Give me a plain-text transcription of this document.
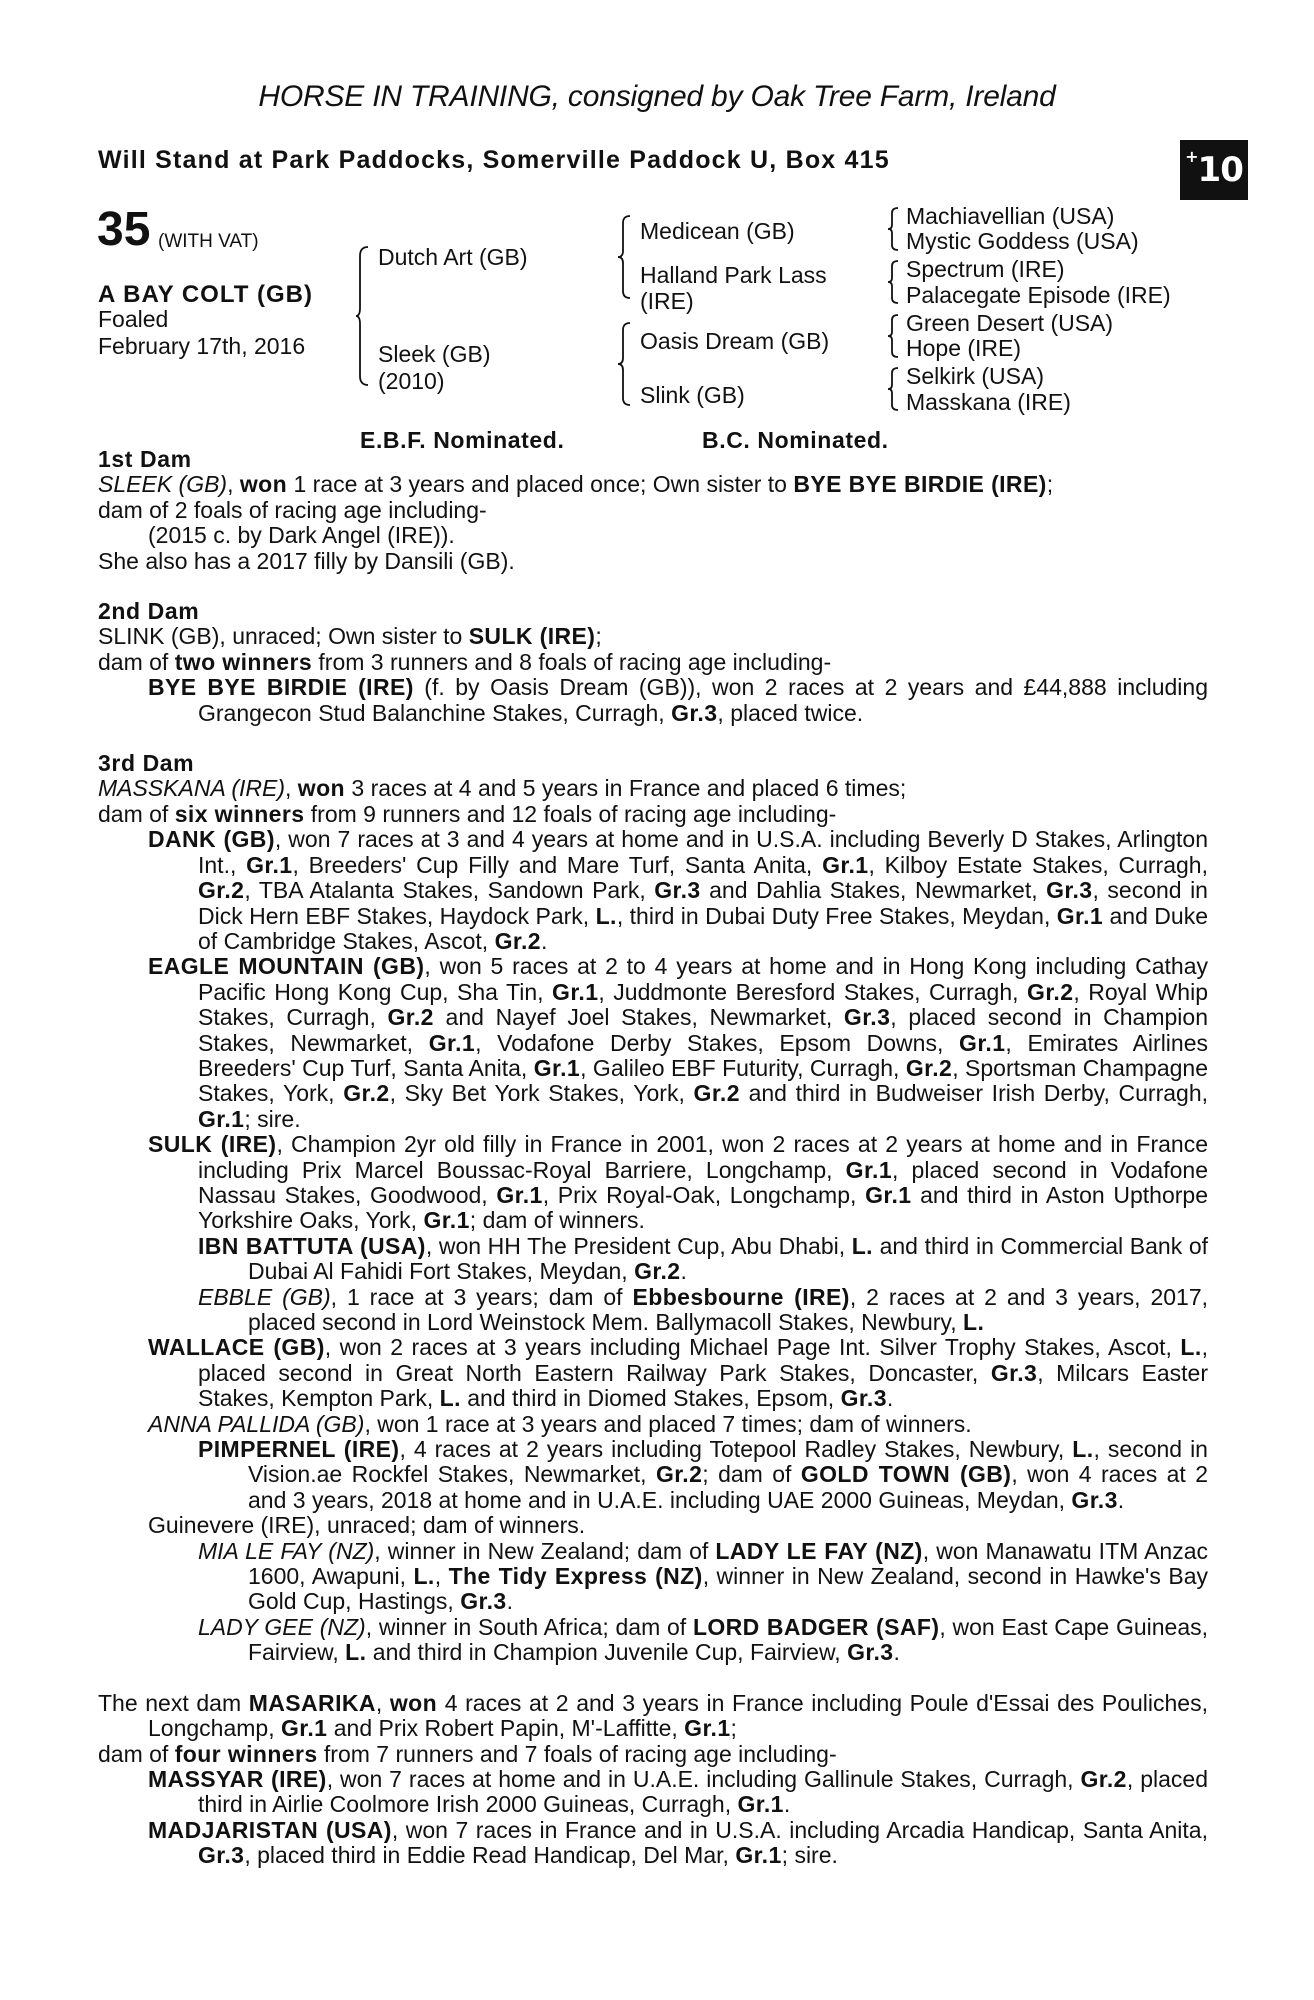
HORSE IN TRAINING, consigned by Oak Tree Farm, Ireland
Will Stand at Park Paddocks, Somerville Paddock U, Box 415	+ 10
35 (WITH VAT)
A BAY COLT (GB)
Foaled
February 17th, 2016
Dutch Art (GB)
Sleek (GB)
(2010)
Medicean (GB)
Halland Park Lass
(IRE)
Oasis Dream (GB)
Slink (GB)
Machiavellian (USA)
Mystic Goddess (USA)
Spectrum (IRE)
Palacegate Episode (IRE)
Green Desert (USA)
Hope (IRE)
Selkirk (USA)
Masskana (IRE)
E.B.F. Nominated.	B.C. Nominated.
1st Dam

SLEEK (GB), won 1 race at 3 years and placed once; Own sister to BYE BYE BIRDIE (IRE);

dam of 2 foals of racing age including-

(2015 c. by Dark Angel (IRE)).

She also has a 2017 filly by Dansili (GB).

2nd Dam

SLINK (GB), unraced; Own sister to SULK (IRE);

dam of two winners from 3 runners and 8 foals of racing age including-

BYE BYE BIRDIE (IRE) (f. by Oasis Dream (GB)), won 2 races at 2 years and £44,888 including Grangecon Stud Balanchine Stakes, Curragh, Gr.3, placed twice.

3rd Dam

MASSKANA (IRE), won 3 races at 4 and 5 years in France and placed 6 times;

dam of six winners from 9 runners and 12 foals of racing age including-

DANK (GB), won 7 races at 3 and 4 years at home and in U.S.A. including Beverly D Stakes, Arlington Int., Gr.1, Breeders' Cup Filly and Mare Turf, Santa Anita, Gr.1, Kilboy Estate Stakes, Curragh, Gr.2, TBA Atalanta Stakes, Sandown Park, Gr.3 and Dahlia Stakes, Newmarket, Gr.3, second in Dick Hern EBF Stakes, Haydock Park, L., third in Dubai Duty Free Stakes, Meydan, Gr.1 and Duke of Cambridge Stakes, Ascot, Gr.2.

EAGLE MOUNTAIN (GB), won 5 races at 2 to 4 years at home and in Hong Kong including Cathay Pacific Hong Kong Cup, Sha Tin, Gr.1, Juddmonte Beresford Stakes, Curragh, Gr.2, Royal Whip Stakes, Curragh, Gr.2 and Nayef Joel Stakes, Newmarket, Gr.3, placed second in Champion Stakes, Newmarket, Gr.1, Vodafone Derby Stakes, Epsom Downs, Gr.1, Emirates Airlines Breeders' Cup Turf, Santa Anita, Gr.1, Galileo EBF Futurity, Curragh, Gr.2, Sportsman Champagne Stakes, York, Gr.2, Sky Bet York Stakes, York, Gr.2 and third in Budweiser Irish Derby, Curragh, Gr.1; sire.

SULK (IRE), Champion 2yr old filly in France in 2001, won 2 races at 2 years at home and in France including Prix Marcel Boussac-Royal Barriere, Longchamp, Gr.1, placed second in Vodafone Nassau Stakes, Goodwood, Gr.1, Prix Royal-Oak, Longchamp, Gr.1 and third in Aston Upthorpe Yorkshire Oaks, York, Gr.1; dam of winners.

IBN BATTUTA (USA), won HH The President Cup, Abu Dhabi, L. and third in Commercial Bank of Dubai Al Fahidi Fort Stakes, Meydan, Gr.2.

EBBLE (GB), 1 race at 3 years; dam of Ebbesbourne (IRE), 2 races at 2 and 3 years, 2017, placed second in Lord Weinstock Mem. Ballymacoll Stakes, Newbury, L.

WALLACE (GB), won 2 races at 3 years including Michael Page Int. Silver Trophy Stakes, Ascot, L., placed second in Great North Eastern Railway Park Stakes, Doncaster, Gr.3, Milcars Easter Stakes, Kempton Park, L. and third in Diomed Stakes, Epsom, Gr.3.

ANNA PALLIDA (GB), won 1 race at 3 years and placed 7 times; dam of winners.

PIMPERNEL (IRE), 4 races at 2 years including Totepool Radley Stakes, Newbury, L., second in Vision.ae Rockfel Stakes, Newmarket, Gr.2; dam of GOLD TOWN (GB), won 4 races at 2 and 3 years, 2018 at home and in U.A.E. including UAE 2000 Guineas, Meydan, Gr.3.

Guinevere (IRE), unraced; dam of winners.

MIA LE FAY (NZ), winner in New Zealand; dam of LADY LE FAY (NZ), won Manawatu ITM Anzac 1600, Awapuni, L., The Tidy Express (NZ), winner in New Zealand, second in Hawke's Bay Gold Cup, Hastings, Gr.3.

LADY GEE (NZ), winner in South Africa; dam of LORD BADGER (SAF), won East Cape Guineas, Fairview, L. and third in Champion Juvenile Cup, Fairview, Gr.3.

The next dam MASARIKA, won 4 races at 2 and 3 years in France including Poule d'Essai des Pouliches, Longchamp, Gr.1 and Prix Robert Papin, M'-Laffitte, Gr.1;

dam of four winners from 7 runners and 7 foals of racing age including-

MASSYAR (IRE), won 7 races at home and in U.A.E. including Gallinule Stakes, Curragh, Gr.2, placed third in Airlie Coolmore Irish 2000 Guineas, Curragh, Gr.1.

MADJARISTAN (USA), won 7 races in France and in U.S.A. including Arcadia Handicap, Santa Anita, Gr.3, placed third in Eddie Read Handicap, Del Mar, Gr.1; sire.
